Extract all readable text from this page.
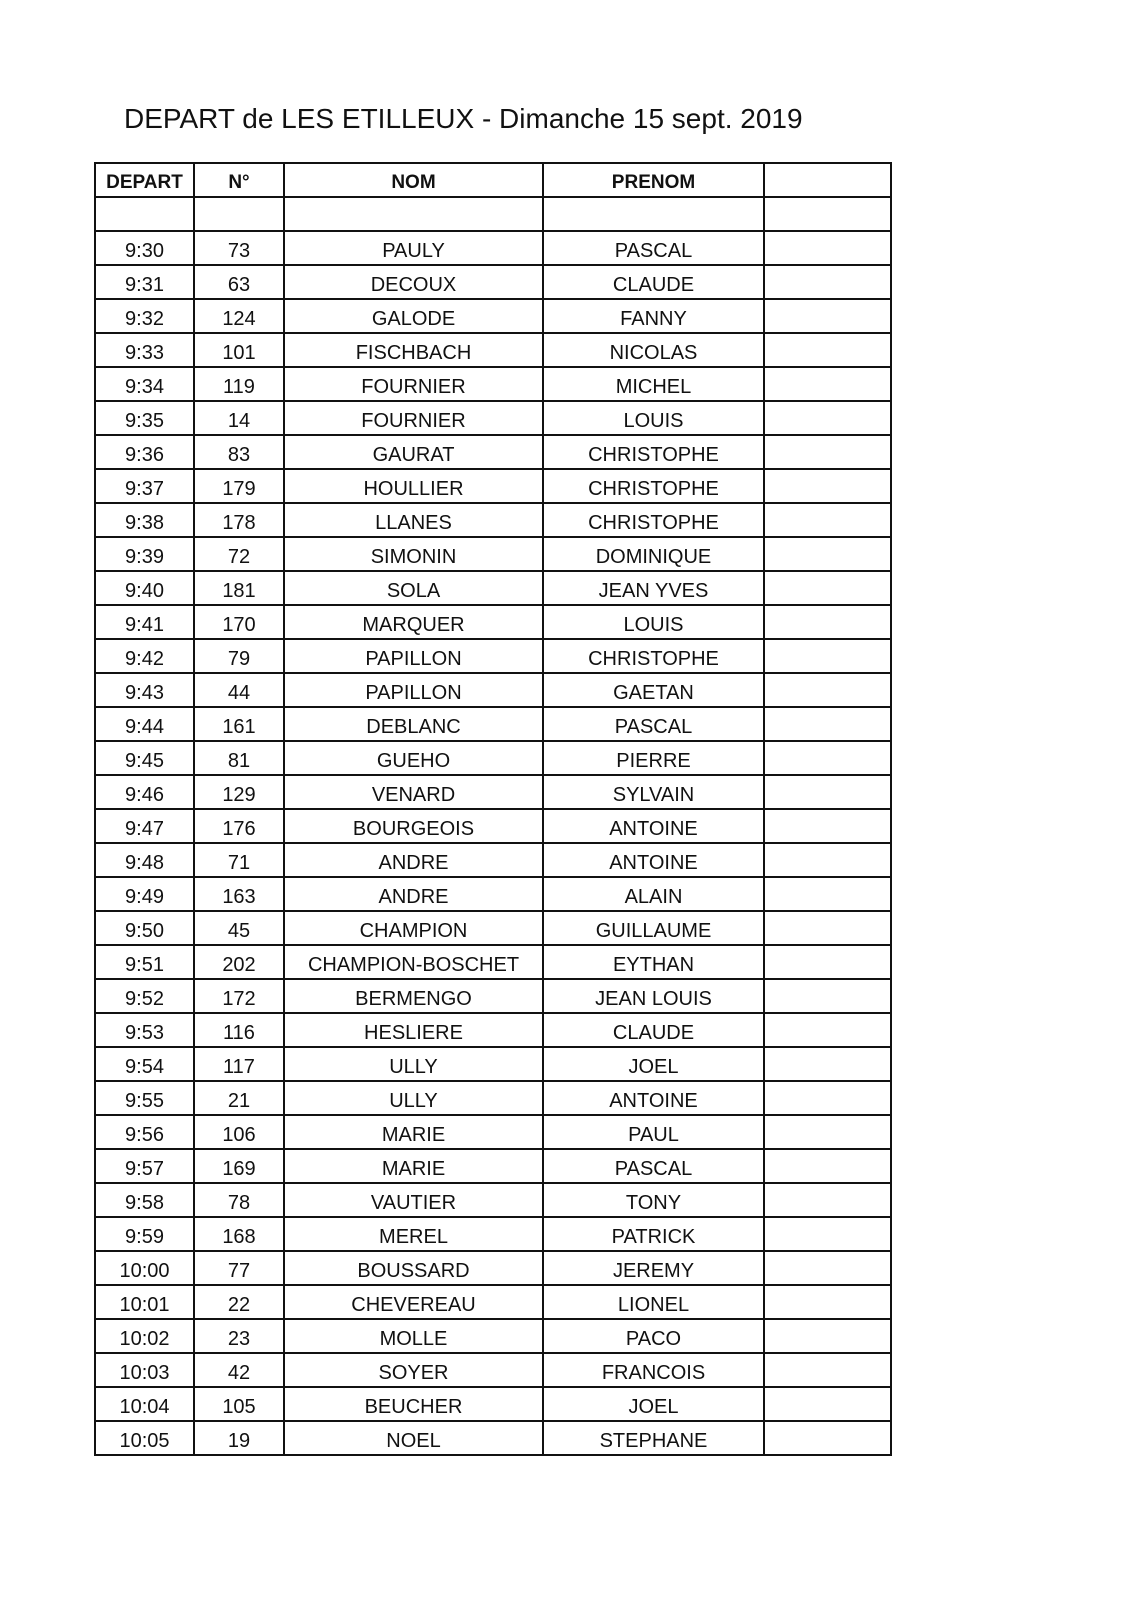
DEPART de LES ETILLEUX - Dimanche 15 sept. 2019
DEPART	N°	NOM	PRENOM	

9:30	73	PAULY	PASCAL	
9:31	63	DECOUX	CLAUDE	
9:32	124	GALODE	FANNY	
9:33	101	FISCHBACH	NICOLAS	
9:34	119	FOURNIER	MICHEL	
9:35	14	FOURNIER	LOUIS	
9:36	83	GAURAT	CHRISTOPHE	
9:37	179	HOULLIER	CHRISTOPHE	
9:38	178	LLANES	CHRISTOPHE	
9:39	72	SIMONIN	DOMINIQUE	
9:40	181	SOLA	JEAN YVES	
9:41	170	MARQUER	LOUIS	
9:42	79	PAPILLON	CHRISTOPHE	
9:43	44	PAPILLON	GAETAN	
9:44	161	DEBLANC	PASCAL	
9:45	81	GUEHO	PIERRE	
9:46	129	VENARD	SYLVAIN	
9:47	176	BOURGEOIS	ANTOINE	
9:48	71	ANDRE	ANTOINE	
9:49	163	ANDRE	ALAIN	
9:50	45	CHAMPION	GUILLAUME	
9:51	202	CHAMPION-BOSCHET	EYTHAN	
9:52	172	BERMENGO	JEAN LOUIS	
9:53	116	HESLIERE	CLAUDE	
9:54	117	ULLY	JOEL	
9:55	21	ULLY	ANTOINE	
9:56	106	MARIE	PAUL	
9:57	169	MARIE	PASCAL	
9:58	78	VAUTIER	TONY	
9:59	168	MEREL	PATRICK	
10:00	77	BOUSSARD	JEREMY	
10:01	22	CHEVEREAU	LIONEL	
10:02	23	MOLLE	PACO	
10:03	42	SOYER	FRANCOIS	
10:04	105	BEUCHER	JOEL	
10:05	19	NOEL	STEPHANE	
